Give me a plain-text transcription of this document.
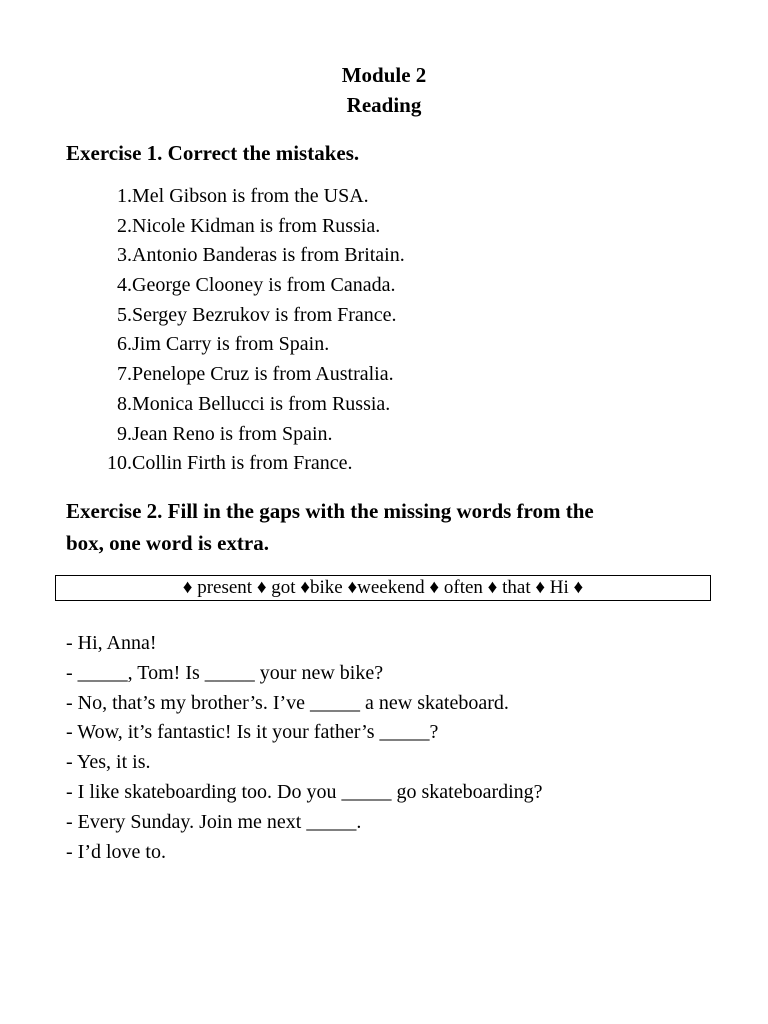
Module 2
Reading
Exercise 1. Correct the mistakes.
1.Mel Gibson is from the USA.
2.Nicole Kidman is from Russia.
3.Antonio Banderas is from Britain.
4.George Clooney is from Canada.
5.Sergey Bezrukov is from France.
6.Jim Carry is from Spain.
7.Penelope Cruz is from Australia.
8.Monica Bellucci is from Russia.
9.Jean Reno is from Spain.
10.Collin Firth is from France.
Exercise 2. Fill in the gaps with the missing words from the
box, one word is extra.
♦ present ♦ got ♦bike ♦weekend ♦ often ♦ that ♦ Hi ♦
- Hi, Anna!
- _____, Tom! Is _____ your new bike?
- No, that’s my brother’s. I’ve _____ a new skateboard.
- Wow, it’s fantastic! Is it your father’s _____?
- Yes, it is.
- I like skateboarding too. Do you _____ go skateboarding?
- Every Sunday. Join me next _____.
- I’d love to.
